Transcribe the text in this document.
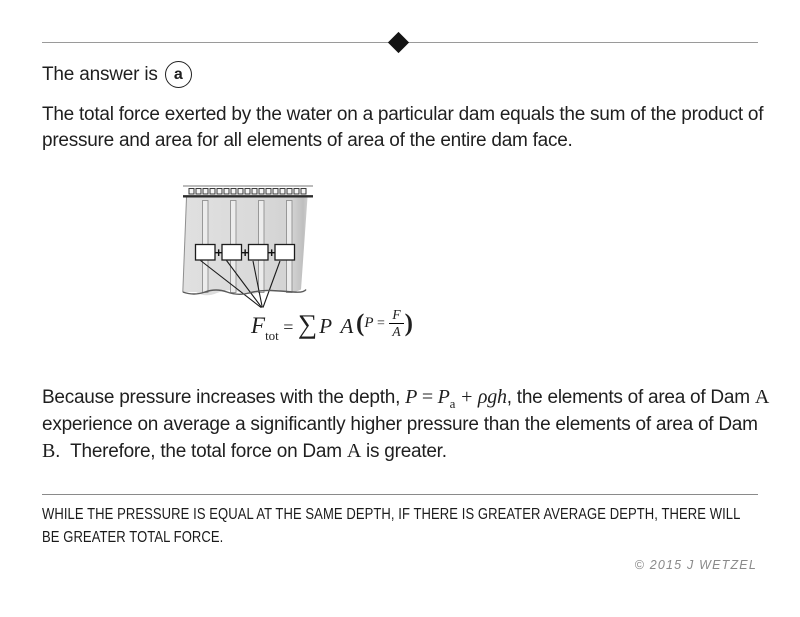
The answer is a

The total force exerted by the water on a particular dam equals the sum of the product of pressure and area for all elements of area of the entire dam face.

+ + +
$F_{tot}$ = ∑ P A ( $P = \frac{F}{A}$ )

Because pressure increases with the depth, $P = P_a + \rho gh$, the elements of area of Dam A experience on average a significantly higher pressure than the elements of area of Dam B.  Therefore, the total force on Dam A is greater.

WHILE THE PRESSURE IS EQUAL AT THE SAME DEPTH, IF THERE IS GREATER AVERAGE DEPTH, THERE WILL
BE GREATER TOTAL FORCE.
© 2015 J WETZEL
